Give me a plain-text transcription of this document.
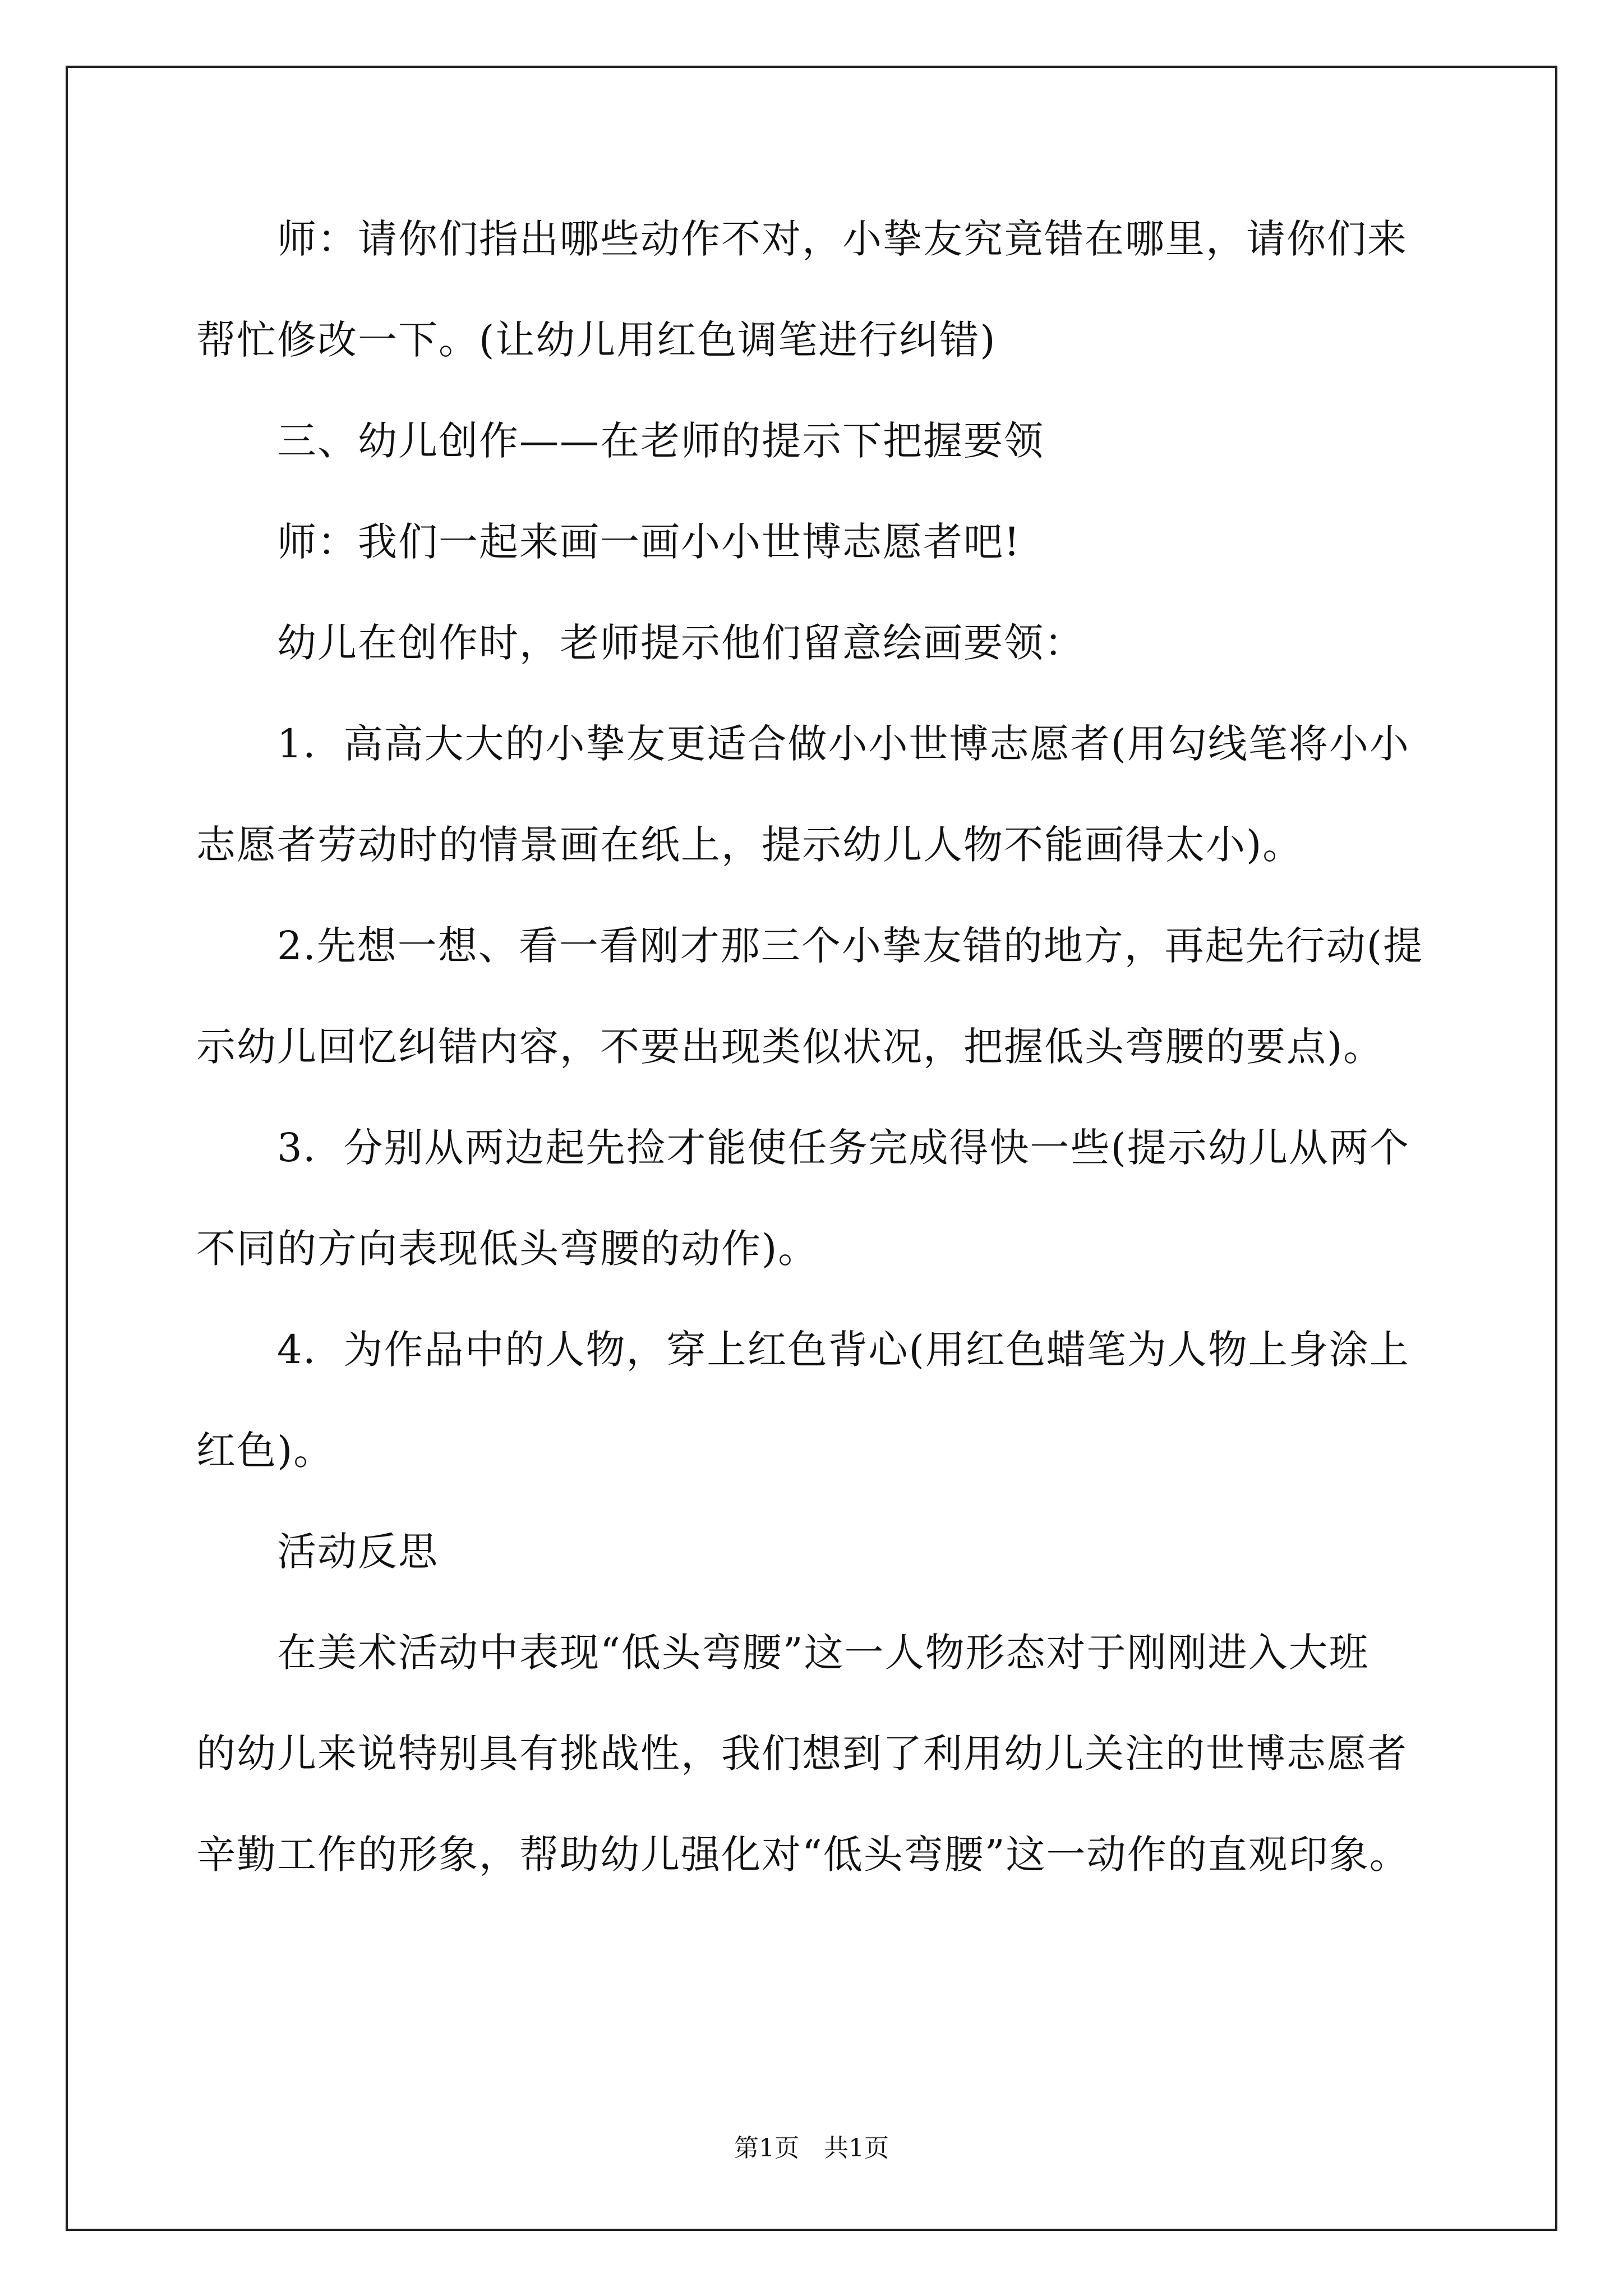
　　师：请你们指出哪些动作不对，小挚友究竟错在哪里，请你们来
帮忙修改一下。(让幼儿用红色调笔进行纠错)
　　三、幼儿创作——在老师的提示下把握要领
　　师：我们一起来画一画小小世博志愿者吧!
　　幼儿在创作时，老师提示他们留意绘画要领：
　　1．高高大大的小挚友更适合做小小世博志愿者(用勾线笔将小小
志愿者劳动时的情景画在纸上，提示幼儿人物不能画得太小)。
　　2.先想一想、看一看刚才那三个小挚友错的地方，再起先行动(提
示幼儿回忆纠错内容，不要出现类似状况，把握低头弯腰的要点)。
　　3．分别从两边起先捡才能使任务完成得快一些(提示幼儿从两个
不同的方向表现低头弯腰的动作)。
　　4．为作品中的人物，穿上红色背心(用红色蜡笔为人物上身涂上
红色)。
　　活动反思
　　在美术活动中表现“低头弯腰”这一人物形态对于刚刚进入大班
的幼儿来说特别具有挑战性，我们想到了利用幼儿关注的世博志愿者
辛勤工作的形象，帮助幼儿强化对“低头弯腰”这一动作的直观印象。
第1页　共1页
